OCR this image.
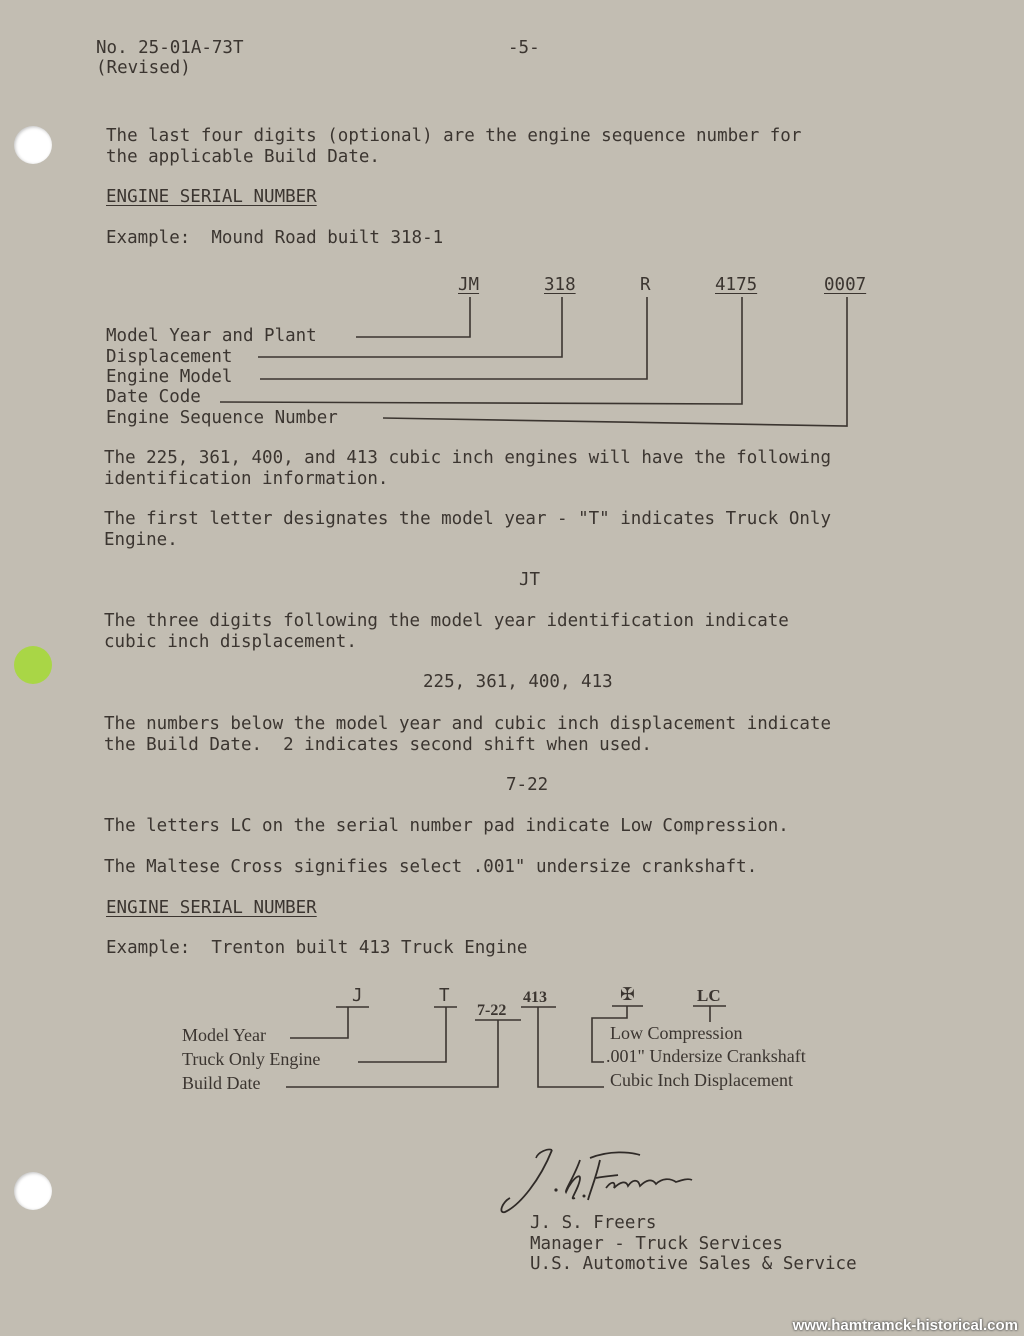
No. 25-01A-73T
(Revised)
-5-
The last four digits (optional) are the engine sequence number for
the applicable Build Date.
ENGINE SERIAL NUMBER
Example:  Mound Road built 318-1
JM	318	R	4175	0007
Model Year and Plant
Displacement
Engine Model
Date Code
Engine Sequence Number
The 225, 361, 400, and 413 cubic inch engines will have the following
identification information.
The first letter designates the model year - "T" indicates Truck Only
Engine.
JT
The three digits following the model year identification indicate
cubic inch displacement.
225, 361, 400, 413
The numbers below the model year and cubic inch displacement indicate
the Build Date.  2 indicates second shift when used.
7-22
The letters LC on the serial number pad indicate Low Compression.
The Maltese Cross signifies select .001" undersize crankshaft.
ENGINE SERIAL NUMBER
Example:  Trenton built 413 Truck Engine
J	T
7-22
413	✠	LC
Model Year
Truck Only Engine
Build Date
Low Compression
.001" Undersize Crankshaft
Cubic Inch Displacement
J. S. Freers
Manager - Truck Services
U.S. Automotive Sales & Service
www.hamtramck-historical.com
